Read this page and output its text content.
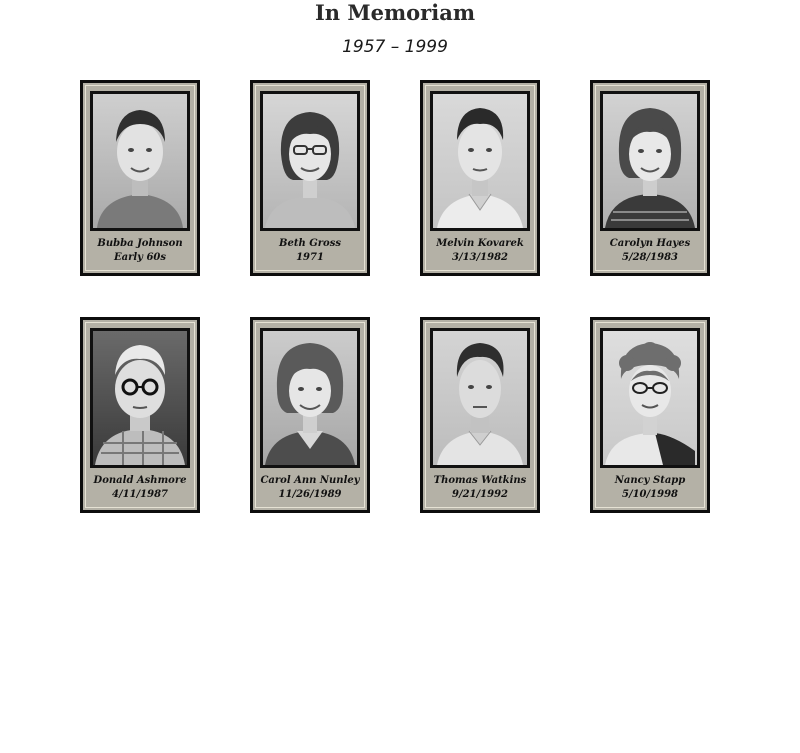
In Memoriam
1957 – 1999
Bubba Johnson
Early 60s
Beth Gross
1971
Melvin Kovarek
3/13/1982
Carolyn Hayes
5/28/1983
Donald Ashmore
4/11/1987
Carol Ann Nunley
11/26/1989
Thomas Watkins
9/21/1992
Nancy Stapp
5/10/1998
